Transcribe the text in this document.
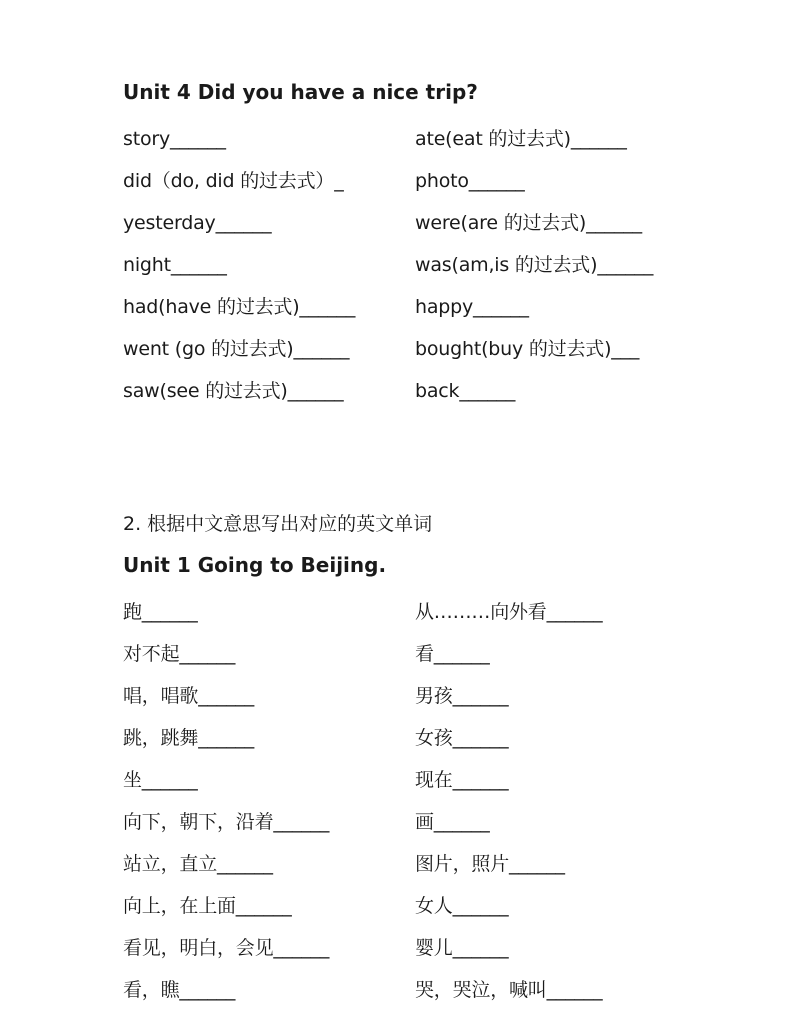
Unit 4 Did you have a nice trip?
story______	ate(eat 的过去式)______
did（do, did 的过去式）_	photo______
yesterday______	were(are 的过去式)______
night______	was(am,is 的过去式)______
had(have 的过去式)______	happy______
went (go 的过去式)______	bought(buy 的过去式)___
saw(see 的过去式)______	back______

2. 根据中文意思写出对应的英文单词

Unit 1 Going to Beijing.
跑______	从………向外看______
对不起______	看______
唱，唱歌______	男孩______
跳，跳舞______	女孩______
坐______	现在______
向下，朝下，沿着______	画______
站立，直立______	图片，照片______
向上，在上面______	女人______
看见，明白，会见______	婴儿______
看，瞧______	哭，哭泣，喊叫______
